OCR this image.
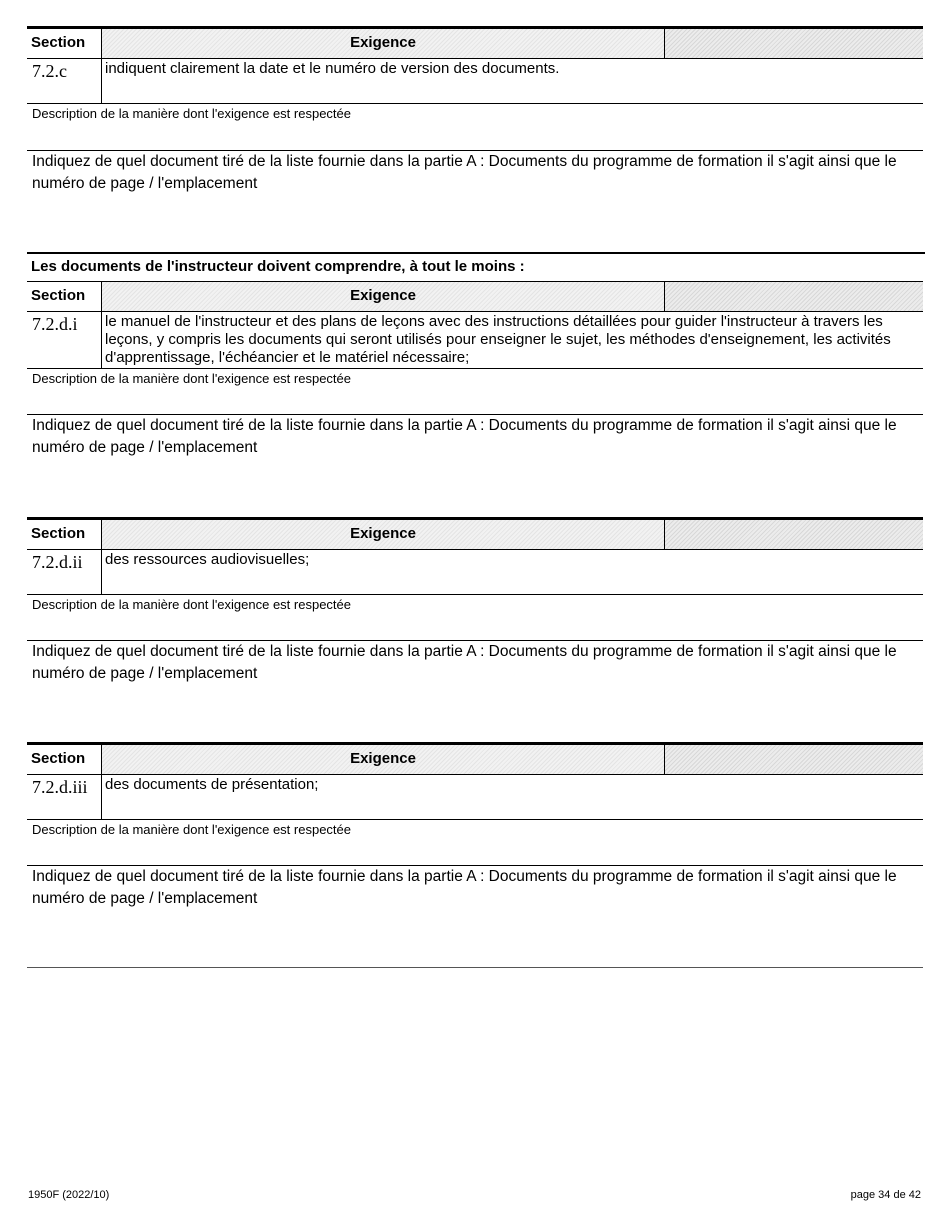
Section	Exigence
7.2.c	indiquent clairement la date et le numéro de version des documents.
Description de la manière dont l'exigence est respectée
Indiquez de quel document tiré de la liste fournie dans la partie A : Documents du programme de formation il s'agit ainsi que le numéro de page / l'emplacement
Les documents de l'instructeur doivent comprendre, à tout le moins :
Section	Exigence
7.2.d.i	le manuel de l'instructeur et des plans de leçons avec des instructions détaillées pour guider l'instructeur à travers les leçons, y compris les documents qui seront utilisés pour enseigner le sujet, les méthodes d'enseignement, les activités d'apprentissage, l'échéancier et le matériel nécessaire;
Description de la manière dont l'exigence est respectée
Indiquez de quel document tiré de la liste fournie dans la partie A : Documents du programme de formation il s'agit ainsi que le numéro de page / l'emplacement
Section	Exigence
7.2.d.ii	des ressources audiovisuelles;
Description de la manière dont l'exigence est respectée
Indiquez de quel document tiré de la liste fournie dans la partie A : Documents du programme de formation il s'agit ainsi que le numéro de page / l'emplacement
Section	Exigence
7.2.d.iii	des documents de présentation;
Description de la manière dont l'exigence est respectée
Indiquez de quel document tiré de la liste fournie dans la partie A : Documents du programme de formation il s'agit ainsi que le numéro de page / l'emplacement
1950F (2022/10)	page 34 de 42
